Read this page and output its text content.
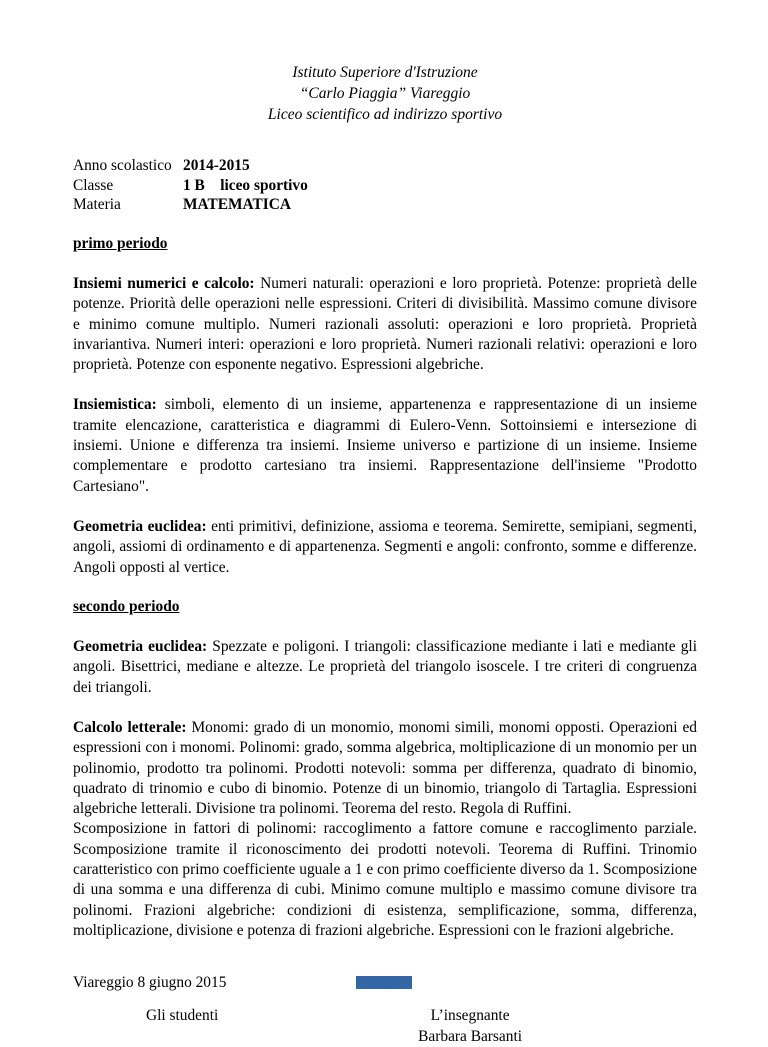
Istituto Superiore d'Istruzione
“Carlo Piaggia” Viareggio
Liceo scientifico ad indirizzo sportivo
Anno scolastico 2014-2015
Classe	1 B    liceo sportivo
Materia	MATEMATICA
primo periodo

Insiemi numerici e calcolo: Numeri naturali: operazioni e loro proprietà. Potenze: proprietà delle potenze. Priorità delle operazioni nelle espressioni. Criteri di divisibilità. Massimo comune divisore e minimo comune multiplo. Numeri razionali assoluti: operazioni e loro proprietà. Proprietà invariantiva. Numeri interi: operazioni e loro proprietà. Numeri razionali relativi: operazioni e loro proprietà. Potenze con esponente negativo. Espressioni algebriche.

Insiemistica: simboli, elemento di un insieme, appartenenza e rappresentazione di un insieme tramite elencazione, caratteristica e diagrammi di Eulero-Venn. Sottoinsiemi e intersezione di insiemi. Unione e differenza tra insiemi. Insieme universo e partizione di un insieme. Insieme complementare e prodotto cartesiano tra insiemi. Rappresentazione dell'insieme "Prodotto Cartesiano".

Geometria euclidea: enti primitivi, definizione, assioma e teorema. Semirette, semipiani, segmenti, angoli, assiomi di ordinamento e di appartenenza. Segmenti e angoli: confronto, somme e differenze. Angoli opposti al vertice.

secondo periodo

Geometria euclidea: Spezzate e poligoni. I triangoli: classificazione mediante i lati e mediante gli angoli. Bisettrici, mediane e altezze. Le proprietà del triangolo isoscele. I tre criteri di congruenza dei triangoli.

Calcolo letterale: Monomi: grado di un monomio, monomi simili, monomi opposti. Operazioni ed espressioni con i monomi. Polinomi: grado, somma algebrica, moltiplicazione di un monomio per un polinomio, prodotto tra polinomi. Prodotti notevoli: somma per differenza, quadrato di binomio, quadrato di trinomio e cubo di binomio. Potenze di un binomio, triangolo di Tartaglia. Espressioni algebriche letterali. Divisione tra polinomi. Teorema del resto. Regola di Ruffini.

Scomposizione in fattori di polinomi: raccoglimento a fattore comune e raccoglimento parziale. Scomposizione tramite il riconoscimento dei prodotti notevoli. Teorema di Ruffini. Trinomio caratteristico con primo coefficiente uguale a 1 e con primo coefficiente diverso da 1. Scomposizione di una somma e una differenza di cubi. Minimo comune multiplo e massimo comune divisore tra polinomi. Frazioni algebriche: condizioni di esistenza, semplificazione, somma, differenza, moltiplicazione, divisione e potenza di frazioni algebriche. Espressioni con le frazioni algebriche.

Viareggio 8 giugno 2015
Gli studenti	L’insegnante
Barbara Barsanti
